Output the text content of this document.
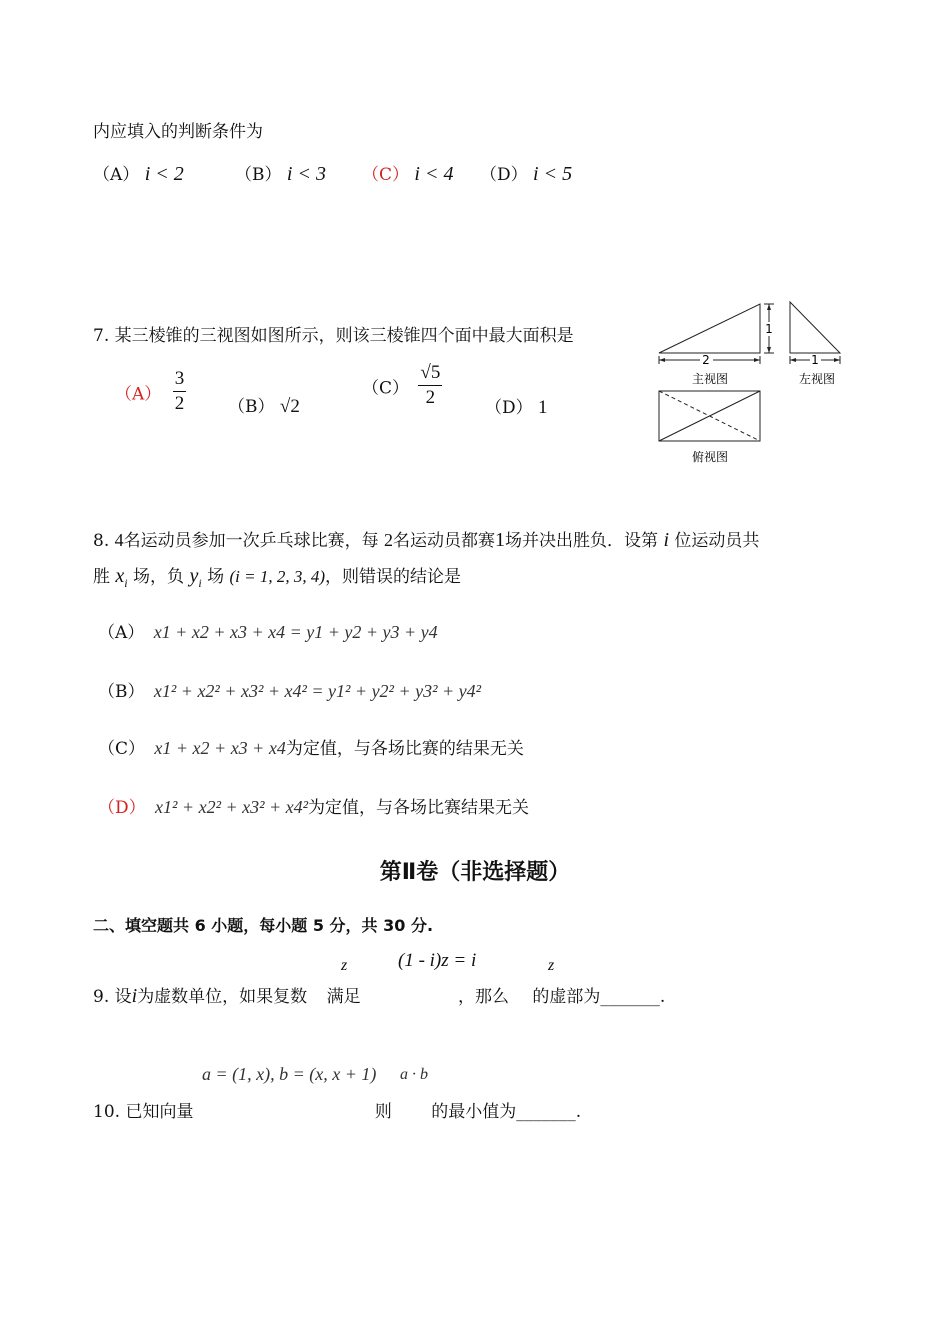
内应填入的判断条件为
（A） i < 2	（B） i < 3 （C） i < 4 （D） i < 5
7. 某三棱锥的三视图如图所示，则该三棱锥四个面中最大面积是
$(A) \frac{3}{2} (B)$ √2
$(C) \frac{√5}{2}$	（D） 1
2
1
1
主视图	左视图
俯视图
8. 4名运动员参加一次乒乓球比赛，每 2名运动员都赛1场并决出胜负．设第 i 位运动员共
胜 $x_i$ 场，负 $y_i$ 场 (i = 1, 2, 3, 4)，则错误的结论是
（A） x1 + x2 + x3 + x4 = y1 + y2 + y3 + y4
（B） x1² + x2² + x3² + x4² = y1² + y2² + y3² + y4²
（C） x1 + x2 + x3 + x4为定值，与各场比赛的结果无关
（D） x1² + x2² + x3² + x4²为定值，与各场比赛结果无关
第Ⅱ卷（非选择题）
二、填空题共 6 小题，每小题 5 分，共 30 分.
z	(1 - i)z = i	z
9. 设i为虚数单位，如果复数 满足	，那么 的虚部为_______.
a = (1, x), b = (x, x + 1) a · b
10. 已知向量	则 的最小值为_______.
